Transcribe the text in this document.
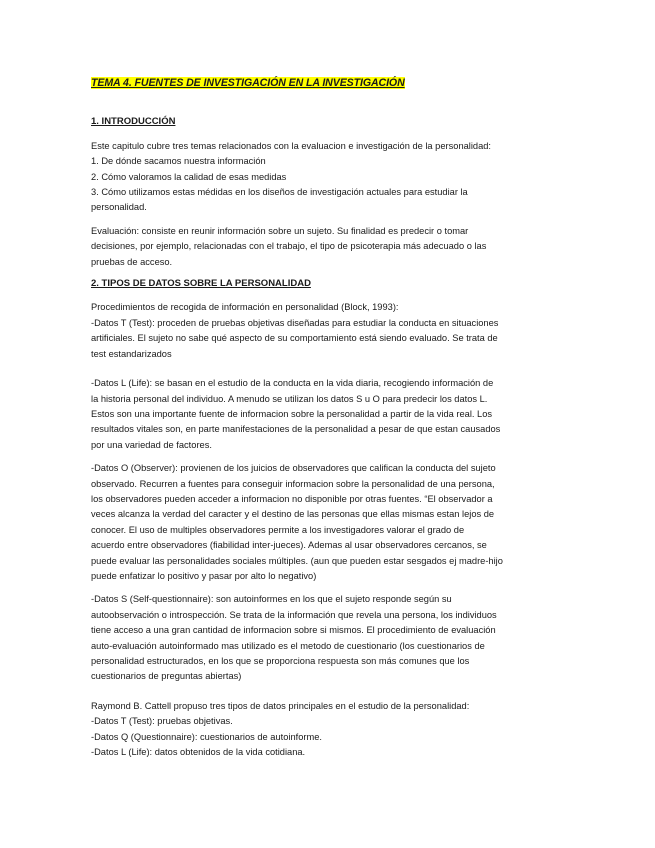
TEMA 4. FUENTES DE INVESTIGACIÓN EN LA INVESTIGACIÓN
1. INTRODUCCIÓN
Este capitulo cubre tres temas relacionados con la evaluacion e investigación de la personalidad:
1. De dónde sacamos nuestra información
2. Cómo valoramos la calidad de esas medidas
3. Cómo utilizamos estas médidas en los diseños de investigación actuales para estudiar la
personalidad.
Evaluación: consiste en reunir información sobre un sujeto. Su finalidad es predecir o tomar
decisiones, por ejemplo, relacionadas con el trabajo, el tipo de psicoterapia más adecuado o las
pruebas de acceso.
2. TIPOS DE DATOS SOBRE LA PERSONALIDAD
Procedimientos de recogida de información en personalidad (Block, 1993):
-Datos T (Test): proceden de pruebas objetivas diseñadas para estudiar la conducta en situaciones
artificiales. El sujeto no sabe qué aspecto de su comportamiento está siendo evaluado. Se trata de
test estandarizados
-Datos L (Life): se basan en el estudio de la conducta en la vida diaria, recogiendo información de
la historia personal del individuo. A menudo se utilizan los datos S u O para predecir los datos L.
Estos son una importante fuente de informacion sobre la personalidad a partir de la vida real. Los
resultados vitales son, en parte manifestaciones de la personalidad a pesar de que estan causados
por una variedad de factores.
-Datos O (Observer): provienen de los juicios de observadores que califican la conducta del sujeto
observado. Recurren a fuentes para conseguir informacion sobre la personalidad de una persona,
los observadores pueden acceder a informacion no disponible por otras fuentes. “El observador a
veces alcanza la verdad del caracter y el destino de las personas que ellas mismas estan lejos de
conocer. El uso de multiples observadores permite a los investigadores valorar el grado de
acuerdo entre observadores (fiabilidad inter-jueces). Ademas al usar observadores cercanos, se
puede evaluar las personalidades sociales múltiples. (aun que pueden estar sesgados ej madre-hijo
puede enfatizar lo positivo y pasar por alto lo negativo)
-Datos S (Self-questionnaire): son autoinformes en los que el sujeto responde según su
autoobservación o introspección. Se trata de la información que revela una persona, los individuos
tiene acceso a una gran cantidad de informacion sobre si mismos. El procedimiento de evaluación
auto-evaluación autoinformado mas utilizado es el metodo de cuestionario (los cuestionarios de
personalidad estructurados, en los que se proporciona respuesta son más comunes que los
cuestionarios de preguntas abiertas)
Raymond B. Cattell propuso tres tipos de datos principales en el estudio de la personalidad:
-Datos T (Test): pruebas objetivas.
-Datos Q (Questionnaire): cuestionarios de autoinforme.
-Datos L (Life): datos obtenidos de la vida cotidiana.
